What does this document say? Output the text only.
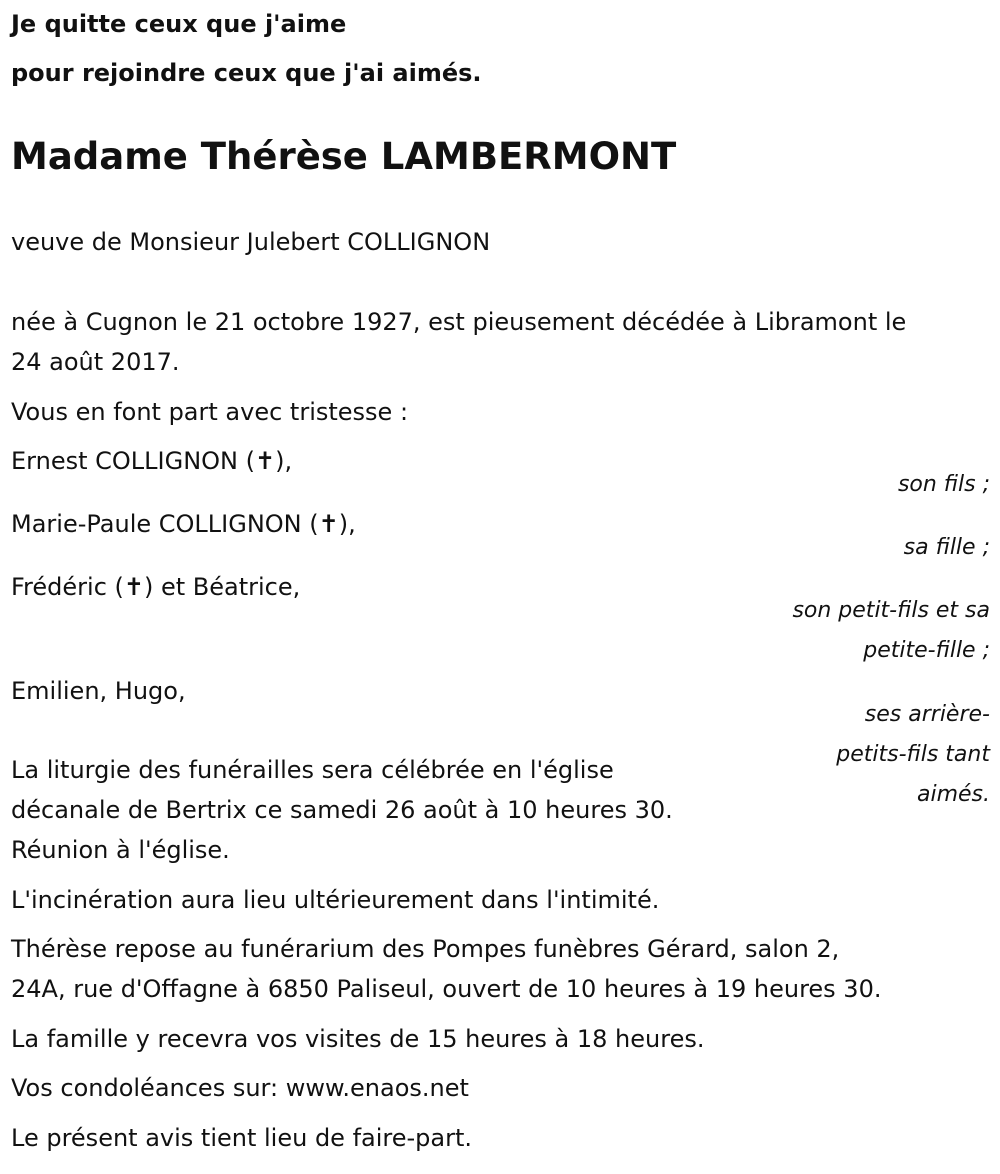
Je quitte ceux que j'aime
pour rejoindre ceux que j'ai aimés.
Madame Thérèse LAMBERMONT
veuve de Monsieur Julebert COLLIGNON
née à Cugnon le 21 octobre 1927, est pieusement décédée à Libramont le
24 août 2017.
Vous en font part avec tristesse :
Ernest COLLIGNON (✝),
son fils ;
Marie-Paule COLLIGNON (✝),
sa fille ;
Frédéric (✝) et Béatrice,
son petit-fils et sa
petite-fille ;
Emilien, Hugo,
ses arrière-
petits-fils tant
aimés.
La liturgie des funérailles sera célébrée en l'église
décanale de Bertrix ce samedi 26 août à 10 heures 30.
Réunion à l'église.
L'incinération aura lieu ultérieurement dans l'intimité.
Thérèse repose au funérarium des Pompes funèbres Gérard, salon 2,
24A, rue d'Offagne à 6850 Paliseul, ouvert de 10 heures à 19 heures 30.
La famille y recevra vos visites de 15 heures à 18 heures.
Vos condoléances sur: www.enaos.net
Le présent avis tient lieu de faire-part.
